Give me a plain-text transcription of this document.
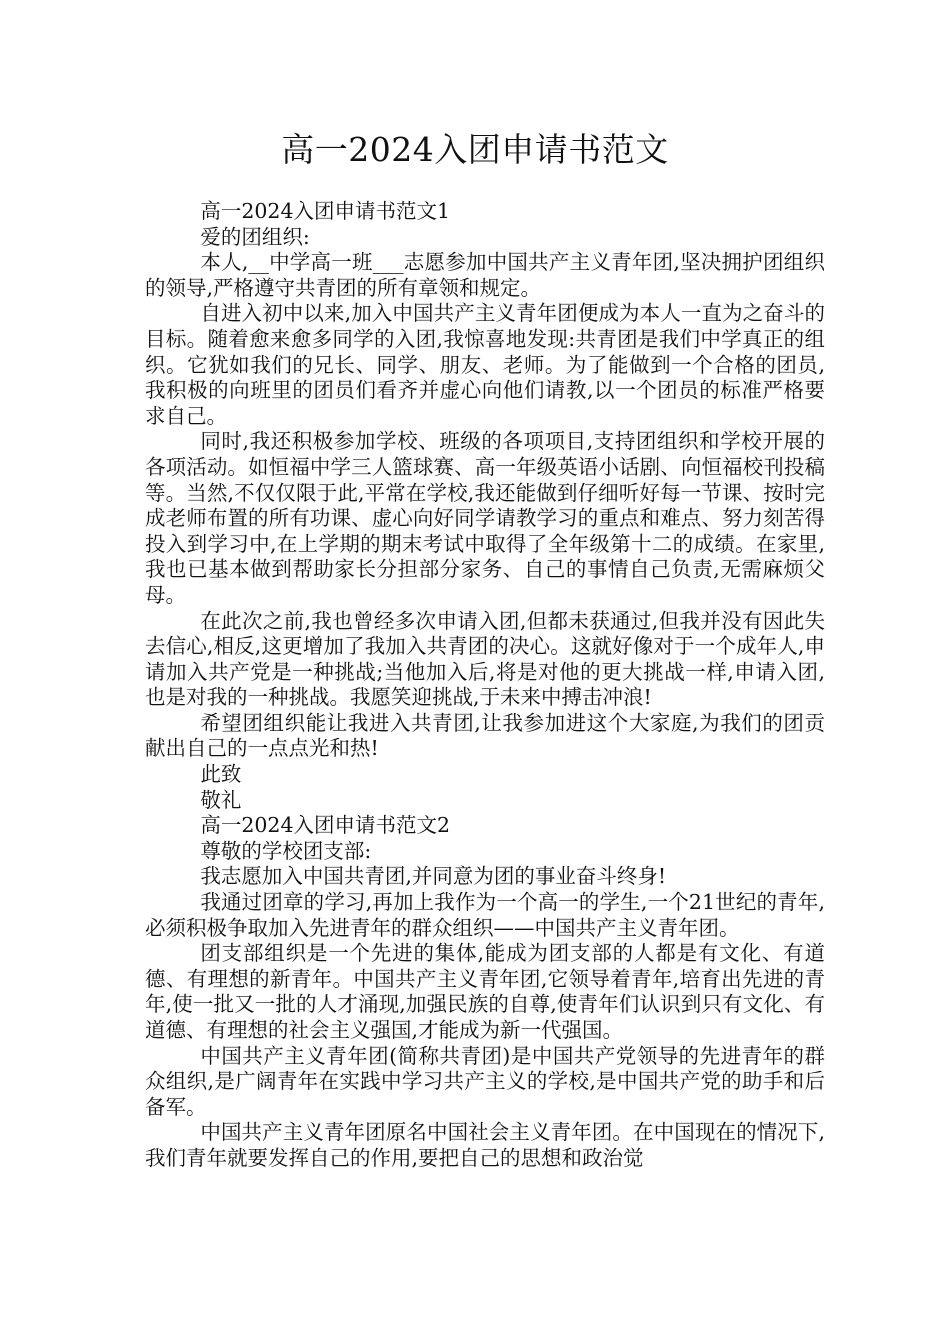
高一2024入团申请书范文

高一2024入团申请书范文1

爱的团组织:

本人,__中学高一班___志愿参加中国共产主义青年团,坚决拥护团组织的领导,严格遵守共青团的所有章领和规定。

自进入初中以来,加入中国共产主义青年团便成为本人一直为之奋斗的目标。随着愈来愈多同学的入团,我惊喜地发现:共青团是我们中学真正的组织。它犹如我们的兄长、同学、朋友、老师。为了能做到一个合格的团员,我积极的向班里的团员们看齐并虚心向他们请教,以一个团员的标准严格要求自己。

同时,我还积极参加学校、班级的各项项目,支持团组织和学校开展的各项活动。如恒福中学三人篮球赛、高一年级英语小话剧、向恒福校刊投稿等。当然,不仅仅限于此,平常在学校,我还能做到仔细听好每一节课、按时完成老师布置的所有功课、虚心向好同学请教学习的重点和难点、努力刻苦得投入到学习中,在上学期的期末考试中取得了全年级第十二的成绩。在家里,我也已基本做到帮助家长分担部分家务、自己的事情自己负责,无需麻烦父母。

在此次之前,我也曾经多次申请入团,但都未获通过,但我并没有因此失去信心,相反,这更增加了我加入共青团的决心。这就好像对于一个成年人,申请加入共产党是一种挑战;当他加入后,将是对他的更大挑战一样,申请入团,也是对我的一种挑战。我愿笑迎挑战,于未来中搏击冲浪!

希望团组织能让我进入共青团,让我参加进这个大家庭,为我们的团贡献出自己的一点点光和热!

此致

敬礼

高一2024入团申请书范文2

尊敬的学校团支部:

我志愿加入中国共青团,并同意为团的事业奋斗终身!

我通过团章的学习,再加上我作为一个高一的学生,一个21世纪的青年,必须积极争取加入先进青年的群众组织——中国共产主义青年团。

团支部组织是一个先进的集体,能成为团支部的人都是有文化、有道德、有理想的新青年。中国共产主义青年团,它领导着青年,培育出先进的青年,使一批又一批的人才涌现,加强民族的自尊,使青年们认识到只有文化、有道德、有理想的社会主义强国,才能成为新一代强国。

中国共产主义青年团(简称共青团)是中国共产党领导的先进青年的群众组织,是广阔青年在实践中学习共产主义的学校,是中国共产党的助手和后备军。

中国共产主义青年团原名中国社会主义青年团。在中国现在的情况下,我们青年就要发挥自己的作用,要把自己的思想和政治觉
